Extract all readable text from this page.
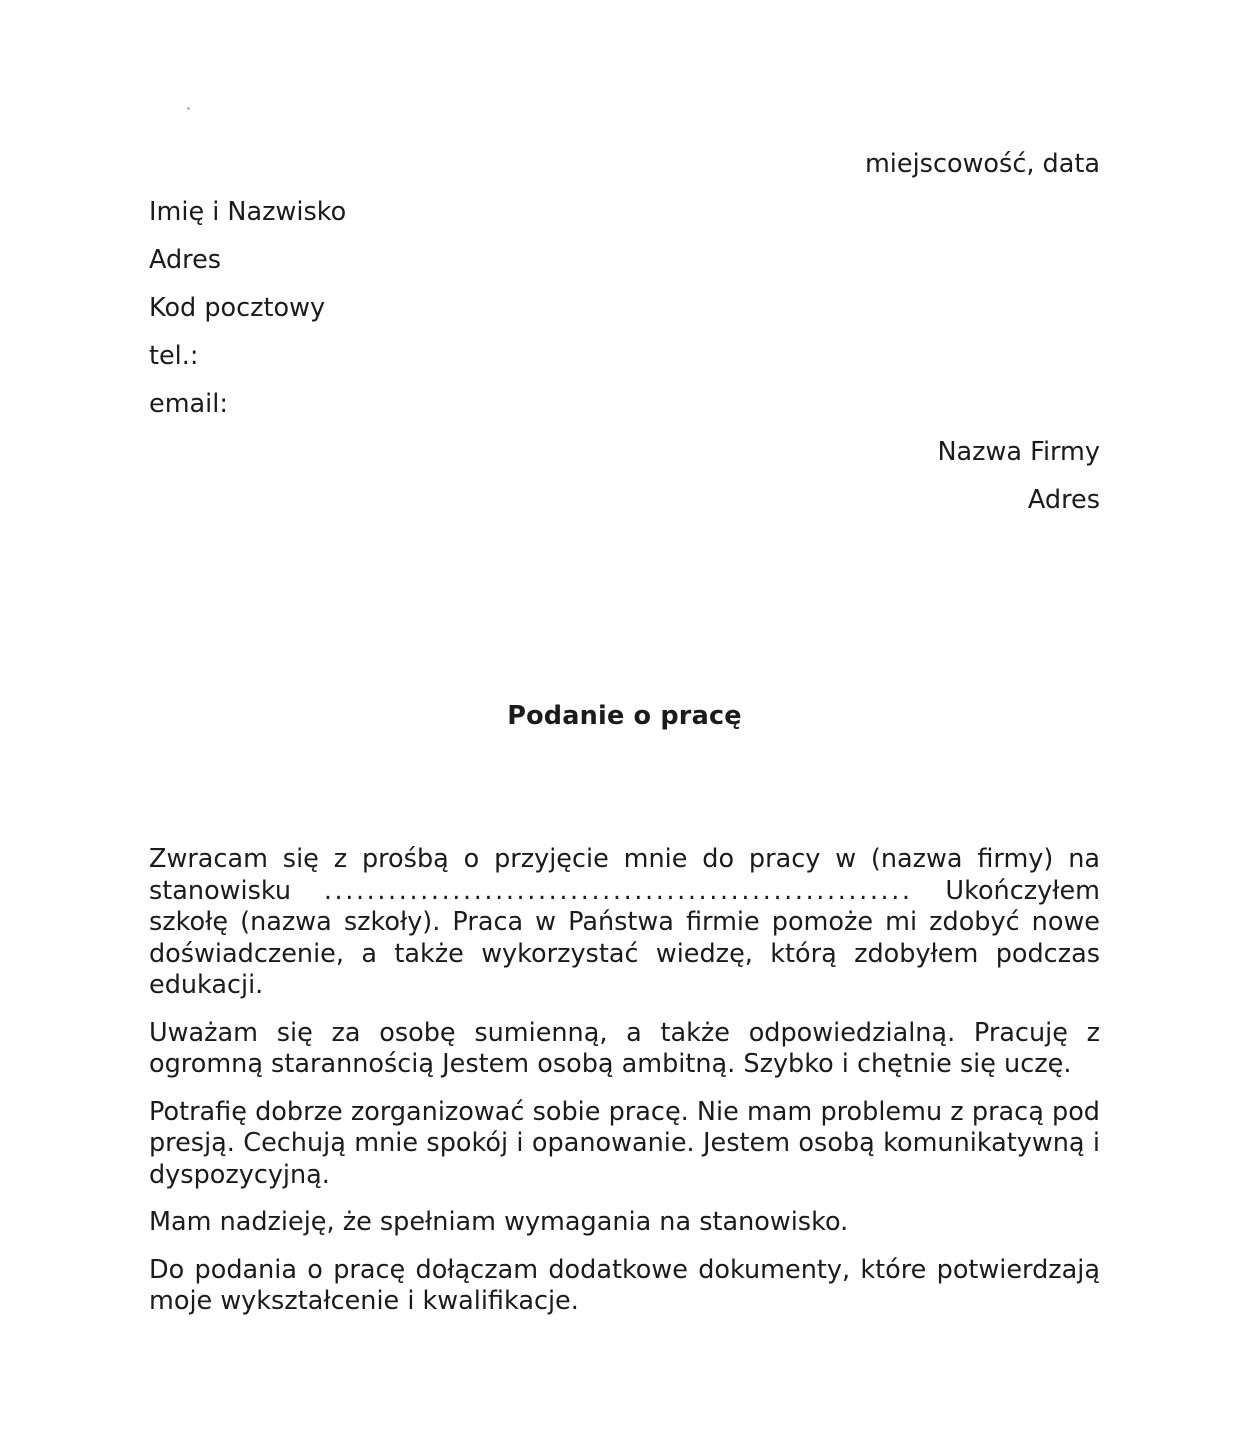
miejscowość, data
Imię i Nazwisko
Adres
Kod pocztowy
tel.:
email:
Nazwa Firmy
Adres
Podanie o pracę

Zwracam się z prośbą o przyjęcie mnie do pracy w (nazwa firmy) na stanowisku ....................................................... Ukończyłem szkołę (nazwa szkoły). Praca w Państwa firmie pomoże mi zdobyć nowe doświadczenie, a także wykorzystać wiedzę, którą zdobyłem podczas edukacji.

Uważam się za osobę sumienną, a także odpowiedzialną. Pracuję z ogromną starannością Jestem osobą ambitną. Szybko i chętnie się uczę.

Potrafię dobrze zorganizować sobie pracę. Nie mam problemu z pracą pod presją. Cechują mnie spokój i opanowanie. Jestem osobą komunikatywną i dyspozycyjną.

Mam nadzieję, że spełniam wymagania na stanowisko.

Do podania o pracę dołączam dodatkowe dokumenty, które potwierdzają moje wykształcenie i kwalifikacje.
